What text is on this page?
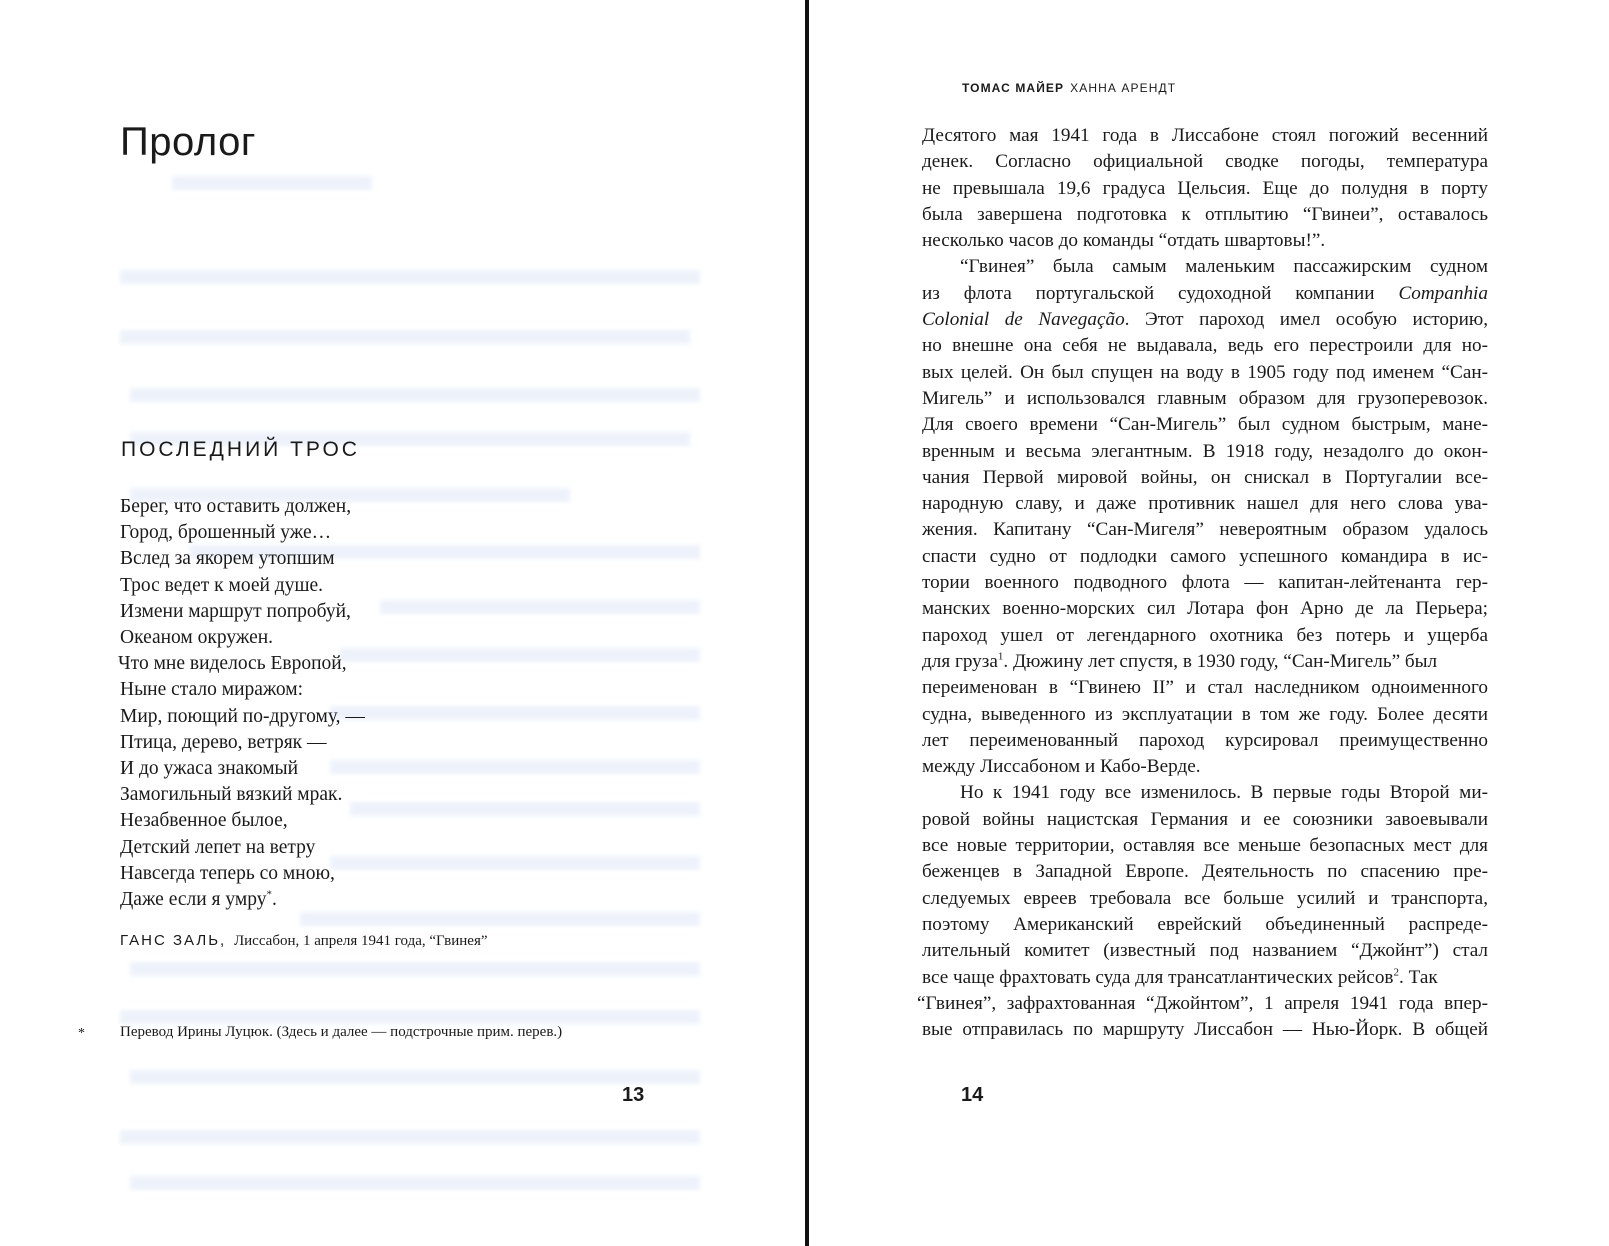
Пролог
ПОСЛЕДНИЙ ТРОС
Берег, что оставить должен,
Город, брошенный уже…
Вслед за якорем утопшим
Трос ведет к моей душе.
Измени маршрут попробуй,
Океаном окружен.
Что мне виделось Европой,
Ныне стало миражом:
Мир, поющий по-другому, —
Птица, дерево, ветряк —
И до ужаса знакомый
Замогильный вязкий мрак.
Незабвенное былое,
Детский лепет на ветру
Навсегда теперь со мною,
Даже если я умру*.
ГАНС ЗАЛЬ, Лиссабон, 1 апреля 1941 года, “Гвинея”
* Перевод Ирины Луцюк. (Здесь и далее — подстрочные прим. перев.)
13
ТОМАС МАЙЕР ХАННА АРЕНДТ
Десятого мая 1941 года в Лиссабоне стоял погожий весенний
денек. Согласно официальной сводке погоды, температура
не превышала 19,6 градуса Цельсия. Еще до полудня в порту
была завершена подготовка к отплытию “Гвинеи”, оставалось
несколько часов до команды “отдать швартовы!”.
“Гвинея” была самым маленьким пассажирским судном
из флота португальской судоходной компании Companhia
Colonial de Navegação. Этот пароход имел особую историю,
но внешне она себя не выдавала, ведь его перестроили для но-
вых целей. Он был спущен на воду в 1905 году под именем “Сан-
Мигель” и использовался главным образом для грузоперевозок.
Для своего времени “Сан-Мигель” был судном быстрым, мане-
вренным и весьма элегантным. В 1918 году, незадолго до окон-
чания Первой мировой войны, он снискал в Португалии все-
народную славу, и даже противник нашел для него слова ува-
жения. Капитану “Сан-Мигеля” невероятным образом удалось
спасти судно от подлодки самого успешного командира в ис-
тории военного подводного флота — капитан-лейтенанта гер-
манских военно-морских сил Лотара фон Арно де ла Перьера;
пароход ушел от легендарного охотника без потерь и ущерба
для груза$^1$. Дюжину лет спустя, в 1930 году, “Сан-Мигель” был
переименован в “Гвинею II” и стал наследником одноименного
судна, выведенного из эксплуатации в том же году. Более десяти
лет переименованный пароход курсировал преимущественно
между Лиссабоном и Кабо-Верде.
Но к 1941 году все изменилось. В первые годы Второй ми-
ровой войны нацистская Германия и ее союзники завоевывали
все новые территории, оставляя все меньше безопасных мест для
беженцев в Западной Европе. Деятельность по спасению пре-
следуемых евреев требовала все больше усилий и транспорта,
поэтому Американский еврейский объединенный распреде-
лительный комитет (известный под названием “Джойнт”) стал
все чаще фрахтовать суда для трансатлантических рейсов$^2$. Так
“Гвинея”, зафрахтованная “Джойнтом”, 1 апреля 1941 года впер-
вые отправилась по маршруту Лиссабон — Нью-Йорк. В общей
14
